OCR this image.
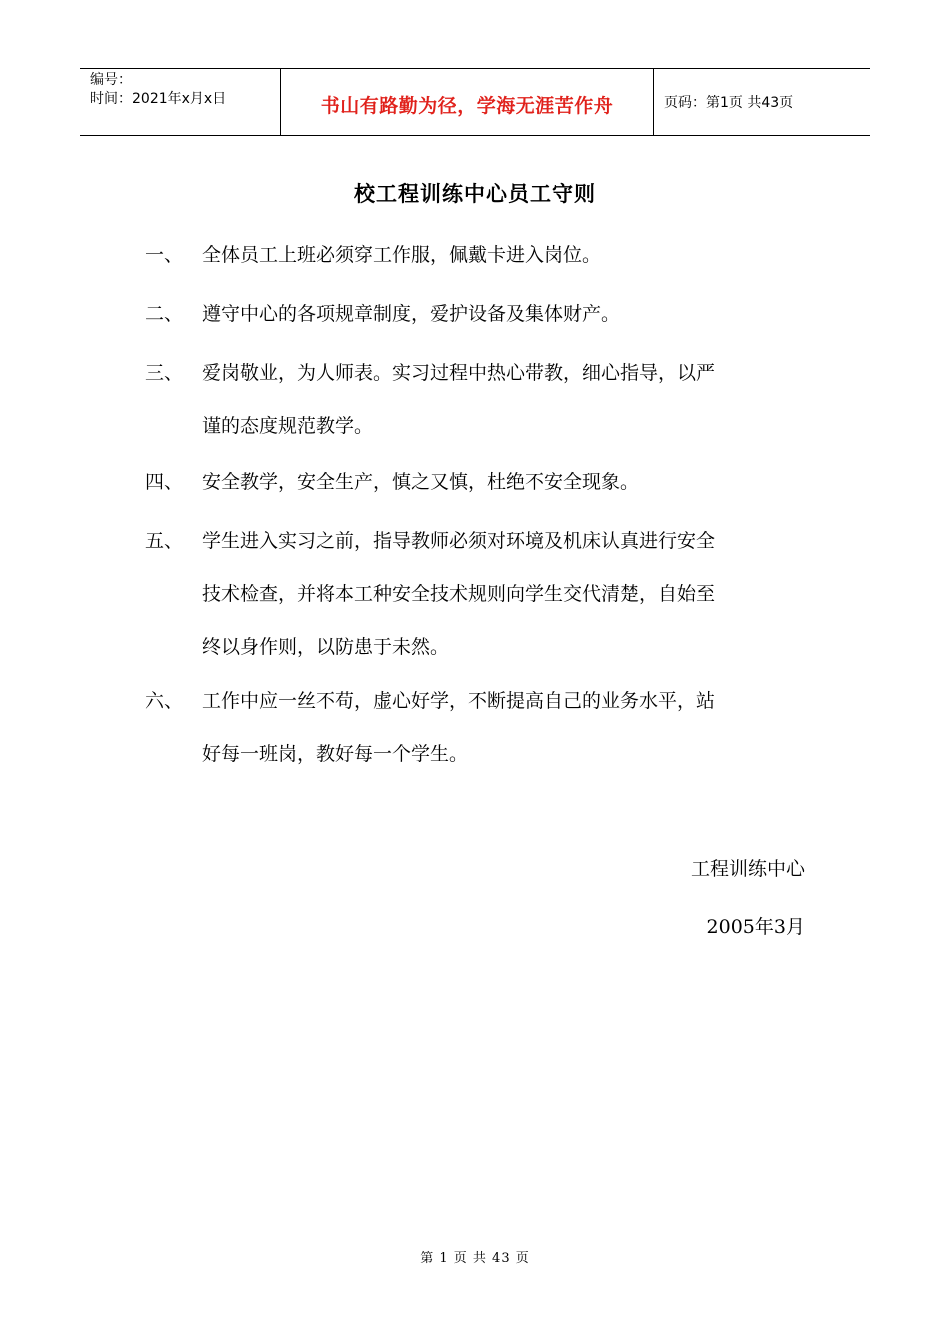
编号：
时间：2021年x月x日	书山有路勤为径，学海无涯苦作舟	页码：第1页 共43页
校工程训练中心员工守则
一、 全体员工上班必须穿工作服，佩戴卡进入岗位。
二、 遵守中心的各项规章制度，爱护设备及集体财产。
三、 爱岗敬业，为人师表。实习过程中热心带教，细心指导，以严
谨的态度规范教学。
四、 安全教学，安全生产，慎之又慎，杜绝不安全现象。
五、 学生进入实习之前，指导教师必须对环境及机床认真进行安全
技术检查，并将本工种安全技术规则向学生交代清楚，自始至
终以身作则，以防患于未然。
六、 工作中应一丝不苟，虚心好学，不断提高自己的业务水平，站
好每一班岗，教好每一个学生。
工程训练中心
2005年3月
第 1 页 共 43 页
